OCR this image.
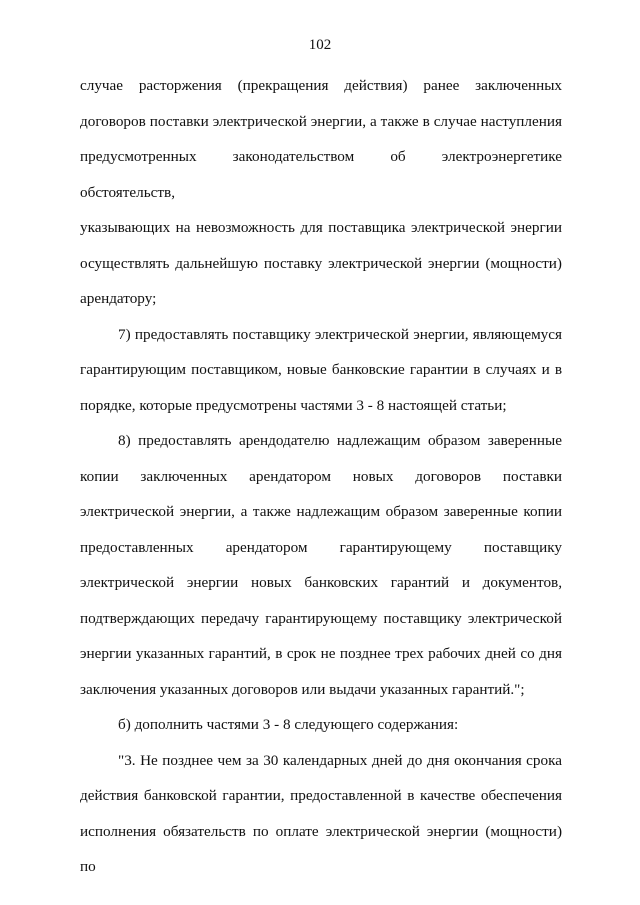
102

случае расторжения (прекращения действия) ранее заключенных

договоров поставки электрической энергии, а также в случае наступления

предусмотренных законодательством об электроэнергетике обстоятельств,

указывающих на невозможность для поставщика электрической энергии

осуществлять дальнейшую поставку электрической энергии (мощности)

арендатору;

7) предоставлять поставщику электрической энергии, являющемуся

гарантирующим поставщиком, новые банковские гарантии в случаях и в

порядке, которые предусмотрены частями 3 - 8 настоящей статьи;

8) предоставлять арендодателю надлежащим образом заверенные

копии заключенных арендатором новых договоров поставки

электрической энергии, а также надлежащим образом заверенные копии

предоставленных арендатором гарантирующему поставщику

электрической энергии новых банковских гарантий и документов,

подтверждающих передачу гарантирующему поставщику электрической

энергии указанных гарантий, в срок не позднее трех рабочих дней со дня

заключения указанных договоров или выдачи указанных гарантий.";

б) дополнить частями 3 - 8 следующего содержания:

"3. Не позднее чем за 30 календарных дней до дня окончания срока

действия банковской гарантии, предоставленной в качестве обеспечения

исполнения обязательств по оплате электрической энергии (мощности) по
